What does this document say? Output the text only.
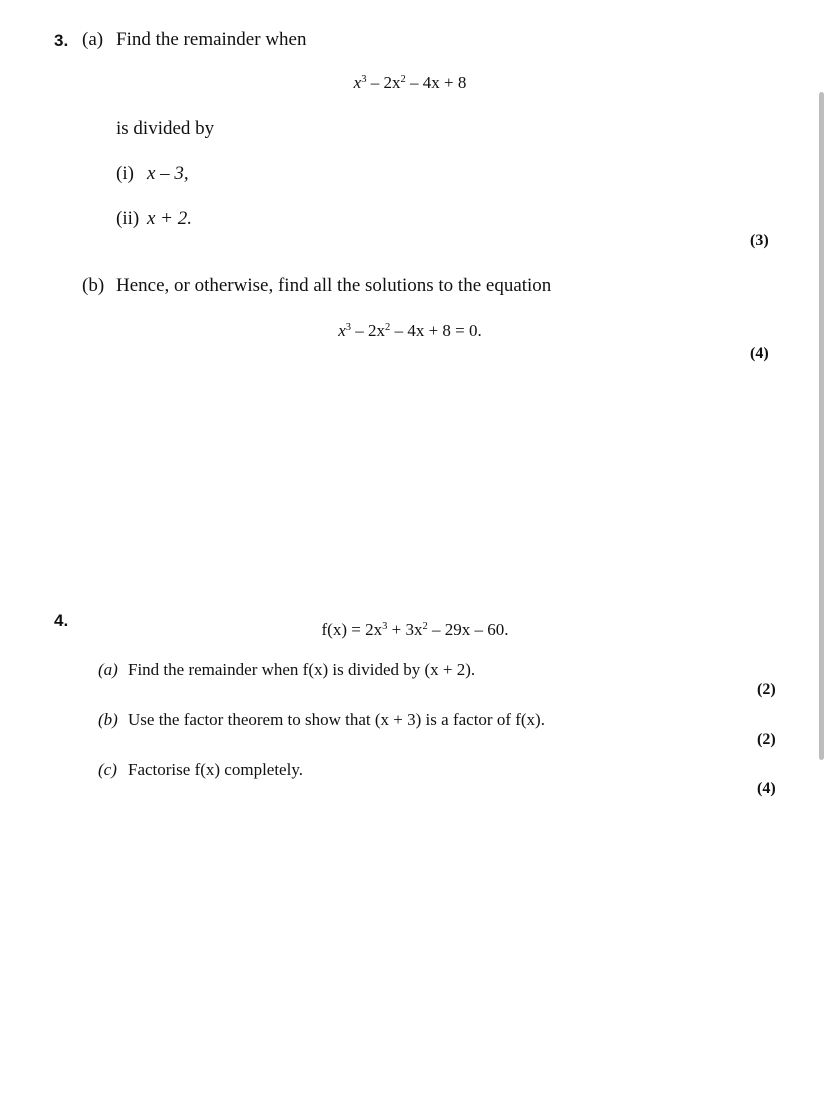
3. (a) Find the remainder when
$x^3 - 2x^2 - 4x + 8$
is divided by
(i) x – 3,
(ii) x + 2.
(3)
(b) Hence, or otherwise, find all the solutions to the equation
$x^3 - 2x^2 - 4x + 8 = 0$.
(4)
4.	$f(x) = 2x^3 + 3x^2 - 29x - 60$.
(a) Find the remainder when f(x) is divided by (x + 2).
(2)
(b) Use the factor theorem to show that (x + 3) is a factor of f(x).
(2)
(c) Factorise f(x) completely.
(4)
